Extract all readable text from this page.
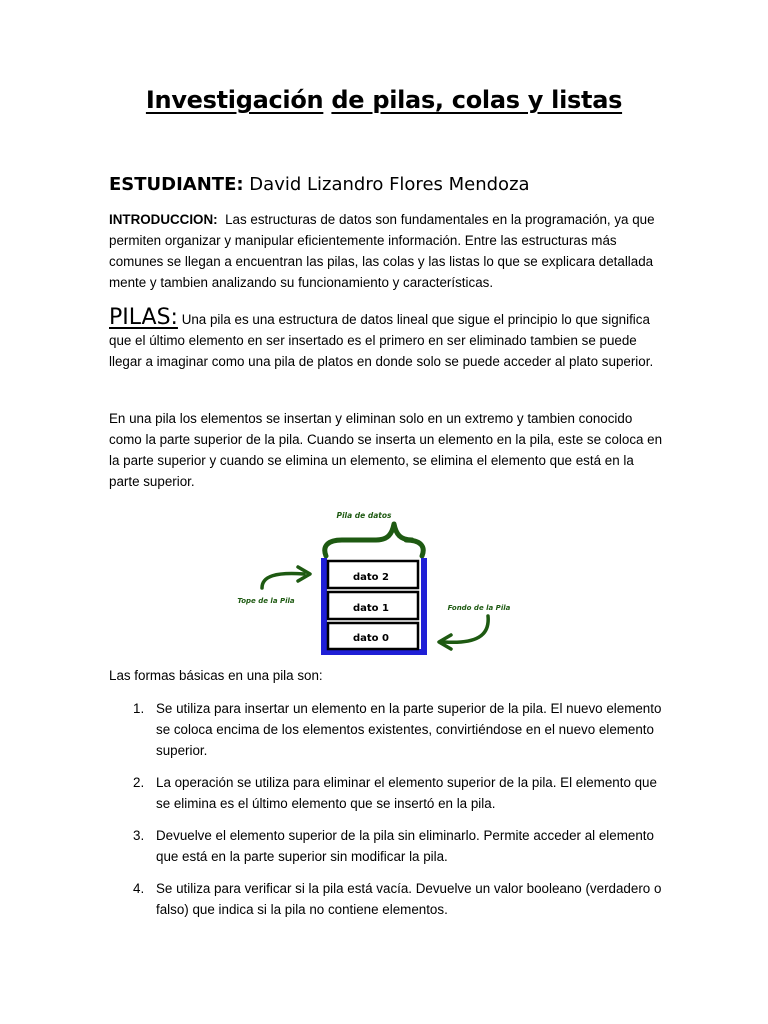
Investigación de pilas, colas y listas
ESTUDIANTE: David Lizandro Flores Mendoza
INTRODUCCION: Las estructuras de datos son fundamentales en la programación, ya que permiten organizar y manipular eficientemente información. Entre las estructuras más comunes se llegan a encuentran las pilas, las colas y las listas lo que se explicara detallada mente y tambien analizando su funcionamiento y características.
PILAS: Una pila es una estructura de datos lineal que sigue el principio lo que significa que el último elemento en ser insertado es el primero en ser eliminado tambien se puede llegar a imaginar como una pila de platos en donde solo se puede acceder al plato superior.
En una pila los elementos se insertan y eliminan solo en un extremo y tambien conocido como la parte superior de la pila. Cuando se inserta un elemento en la pila, este se coloca en la parte superior y cuando se elimina un elemento, se elimina el elemento que está en la parte superior.
Pila de datos
dato 2
dato 1
dato 0
Tope de la Pila
Fondo de la Pila
Las formas básicas en una pila son:
1. Se utiliza para insertar un elemento en la parte superior de la pila. El nuevo elemento se coloca encima de los elementos existentes, convirtiéndose en el nuevo elemento superior.
2. La operación se utiliza para eliminar el elemento superior de la pila. El elemento que se elimina es el último elemento que se insertó en la pila.
3. Devuelve el elemento superior de la pila sin eliminarlo. Permite acceder al elemento que está en la parte superior sin modificar la pila.
4. Se utiliza para verificar si la pila está vacía. Devuelve un valor booleano (verdadero o falso) que indica si la pila no contiene elementos.
